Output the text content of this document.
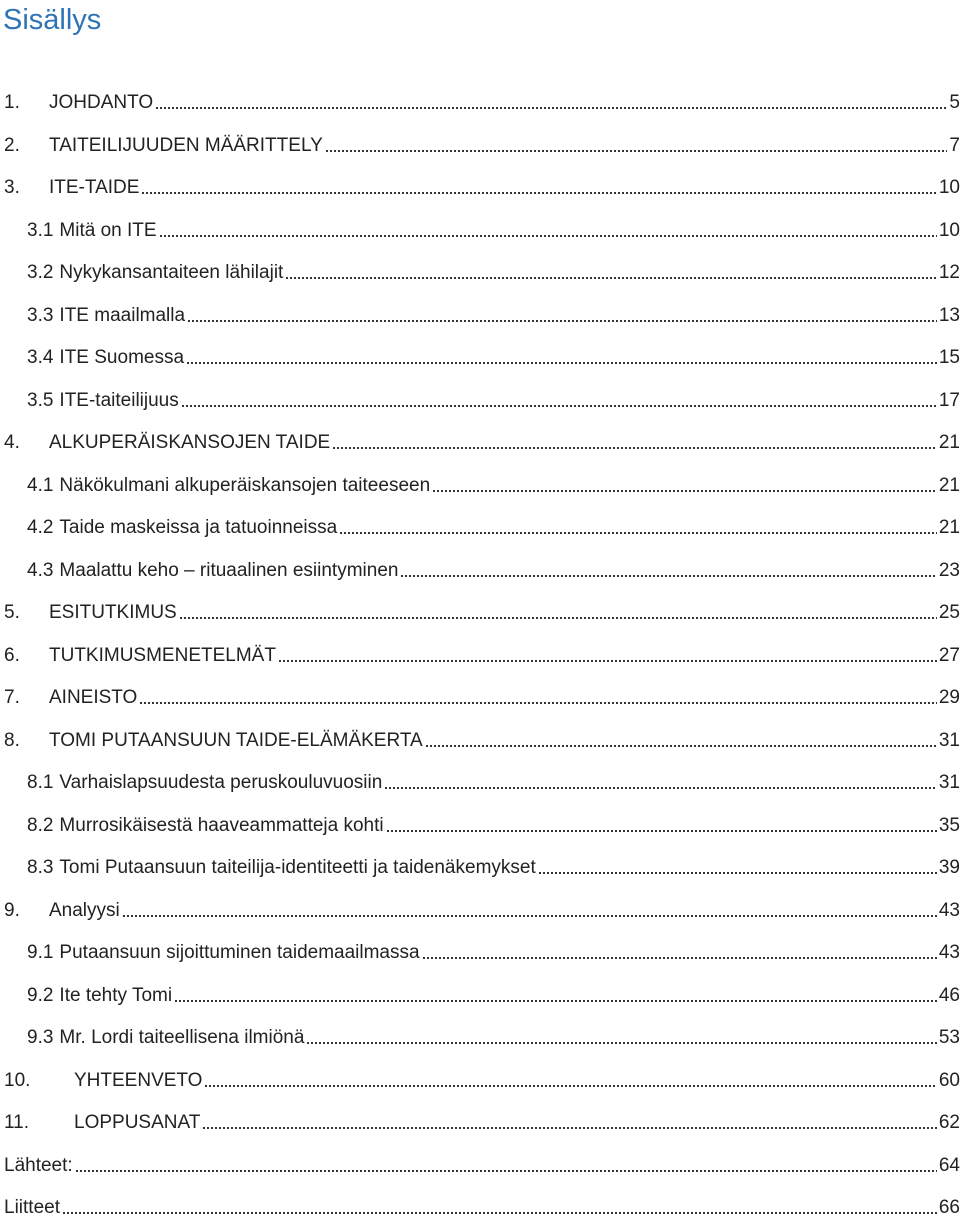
Sisällys
1.	JOHDANTO	5
2.	TAITEILIJUUDEN MÄÄRITTELY	7
3.	ITE-TAIDE	10
3.1 Mitä on ITE	10
3.2 Nykykansantaiteen lähilajit	12
3.3 ITE maailmalla	13
3.4 ITE Suomessa	15
3.5 ITE-taiteilijuus	17
4.	ALKUPERÄISKANSOJEN TAIDE	21
4.1 Näkökulmani alkuperäiskansojen taiteeseen	21
4.2 Taide maskeissa ja tatuoinneissa	21
4.3 Maalattu keho – rituaalinen esiintyminen	23
5.	ESITUTKIMUS	25
6.	TUTKIMUSMENETELMÄT	27
7.	AINEISTO	29
8.	TOMI PUTAANSUUN TAIDE-ELÄMÄKERTA	31
8.1 Varhaislapsuudesta peruskouluvuosiin	31
8.2 Murrosikäisestä haaveammatteja kohti	35
8.3 Tomi Putaansuun taiteilija-identiteetti ja taidenäkemykset	39
9.	Analyysi	43
9.1 Putaansuun sijoittuminen taidemaailmassa	43
9.2 Ite tehty Tomi	46
9.3 Mr. Lordi taiteellisena ilmiönä	53
10.	YHTEENVETO	60
11.	LOPPUSANAT	62
Lähteet:	64
Liitteet	66
